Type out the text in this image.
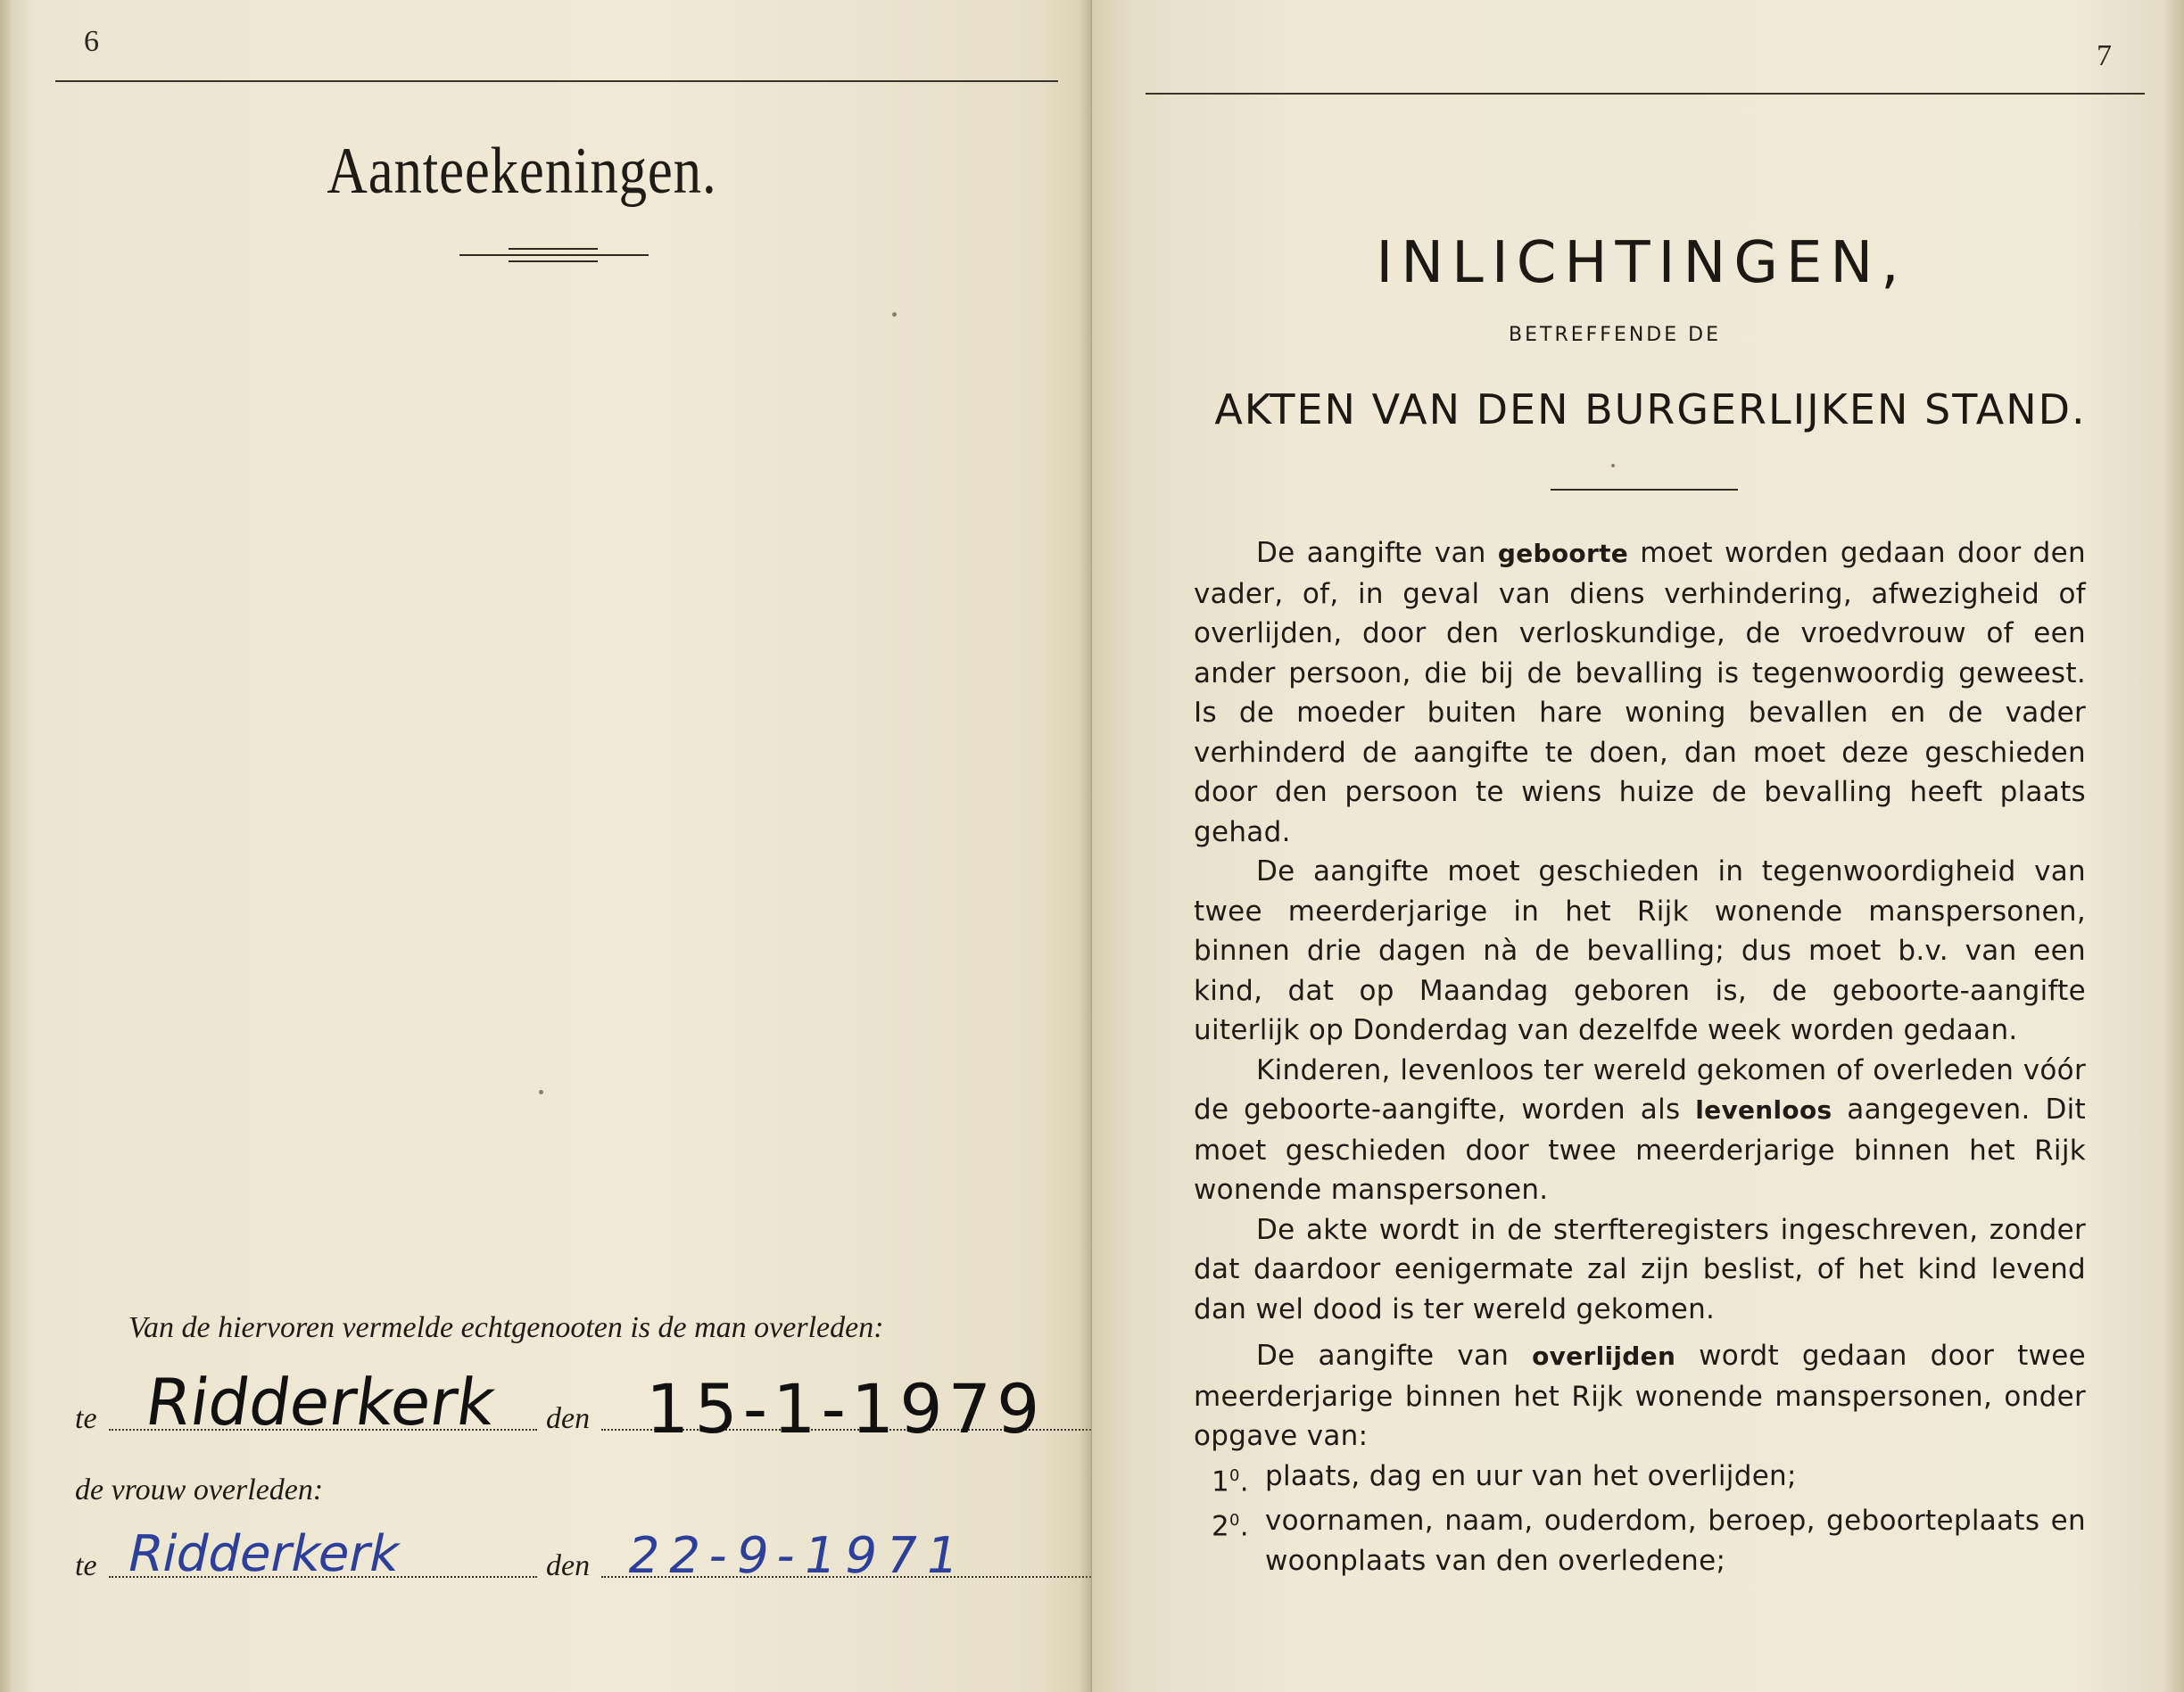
6
Aanteekeningen.
Van de hiervoren vermelde echtgenooten is de man overleden:
te Ridderkerk den 15-1-1979
de vrouw overleden:
te Ridderkerk	den 22-9-1971
7
INLICHTINGEN,
BETREFFENDE DE
AKTEN VAN DEN BURGERLIJKEN STAND.

De aangifte van geboorte moet worden gedaan door den vader, of, in geval van diens verhindering, afwezigheid of overlijden, door den verloskundige, de vroedvrouw of een ander persoon, die bij de bevalling is tegenwoordig geweest. Is de moeder buiten hare woning bevallen en de vader verhinderd de aangifte te doen, dan moet deze geschieden door den persoon te wiens huize de bevalling heeft plaats gehad.

De aangifte moet geschieden in tegenwoordigheid van twee meerderjarige in het Rijk wonende manspersonen, binnen drie dagen nà de bevalling; dus moet b.v. van een kind, dat op Maandag geboren is, de geboorte-aangifte uiterlijk op Donderdag van dezelfde week worden gedaan.

Kinderen, levenloos ter wereld gekomen of overleden vóór de geboorte-aangifte, worden als levenloos aangegeven. Dit moet geschieden door twee meerderjarige binnen het Rijk wonende manspersonen.

De akte wordt in de sterfteregisters ingeschreven, zonder dat daardoor eenigermate zal zijn beslist, of het kind levend dan wel dood is ter wereld gekomen.

De aangifte van overlijden wordt gedaan door twee meerderjarige binnen het Rijk wonende manspersonen, onder opgave van:

$1^0$. plaats, dag en uur van het overlijden;
$2^0$. voornamen, naam, ouderdom, beroep, geboorteplaats en woonplaats van den overledene;
